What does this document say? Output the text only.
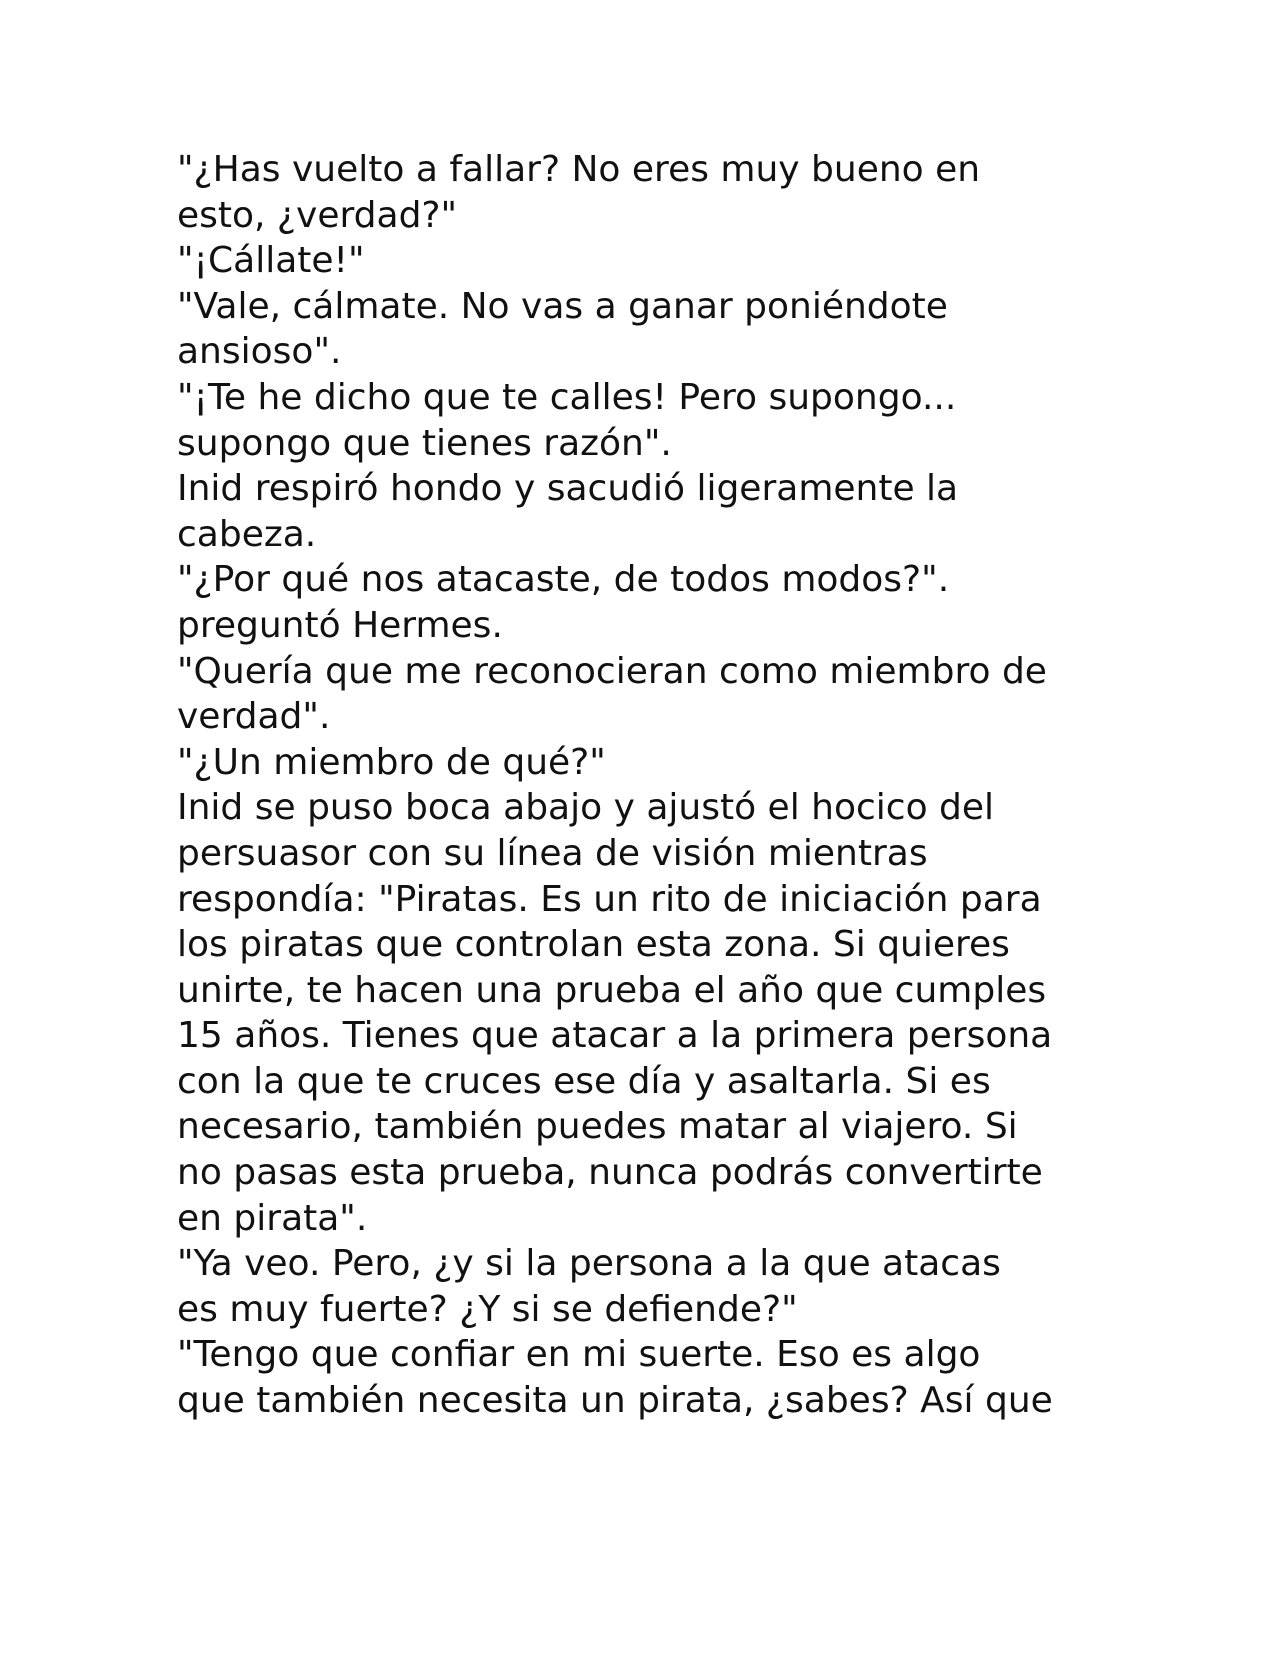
"¿Has vuelto a fallar? No eres muy bueno en

esto, ¿verdad?"

"¡Cállate!"

"Vale, cálmate. No vas a ganar poniéndote

ansioso".

"¡Te he dicho que te calles! Pero supongo...

supongo que tienes razón".

Inid respiró hondo y sacudió ligeramente la

cabeza.

"¿Por qué nos atacaste, de todos modos?".

preguntó Hermes.

"Quería que me reconocieran como miembro de

verdad".

"¿Un miembro de qué?"

Inid se puso boca abajo y ajustó el hocico del

persuasor con su línea de visión mientras

respondía: "Piratas. Es un rito de iniciación para

los piratas que controlan esta zona. Si quieres

unirte, te hacen una prueba el año que cumples

15 años. Tienes que atacar a la primera persona

con la que te cruces ese día y asaltarla. Si es

necesario, también puedes matar al viajero. Si

no pasas esta prueba, nunca podrás convertirte

en pirata".

"Ya veo. Pero, ¿y si la persona a la que atacas

es muy fuerte? ¿Y si se defiende?"

"Tengo que confiar en mi suerte. Eso es algo

que también necesita un pirata, ¿sabes? Así que
